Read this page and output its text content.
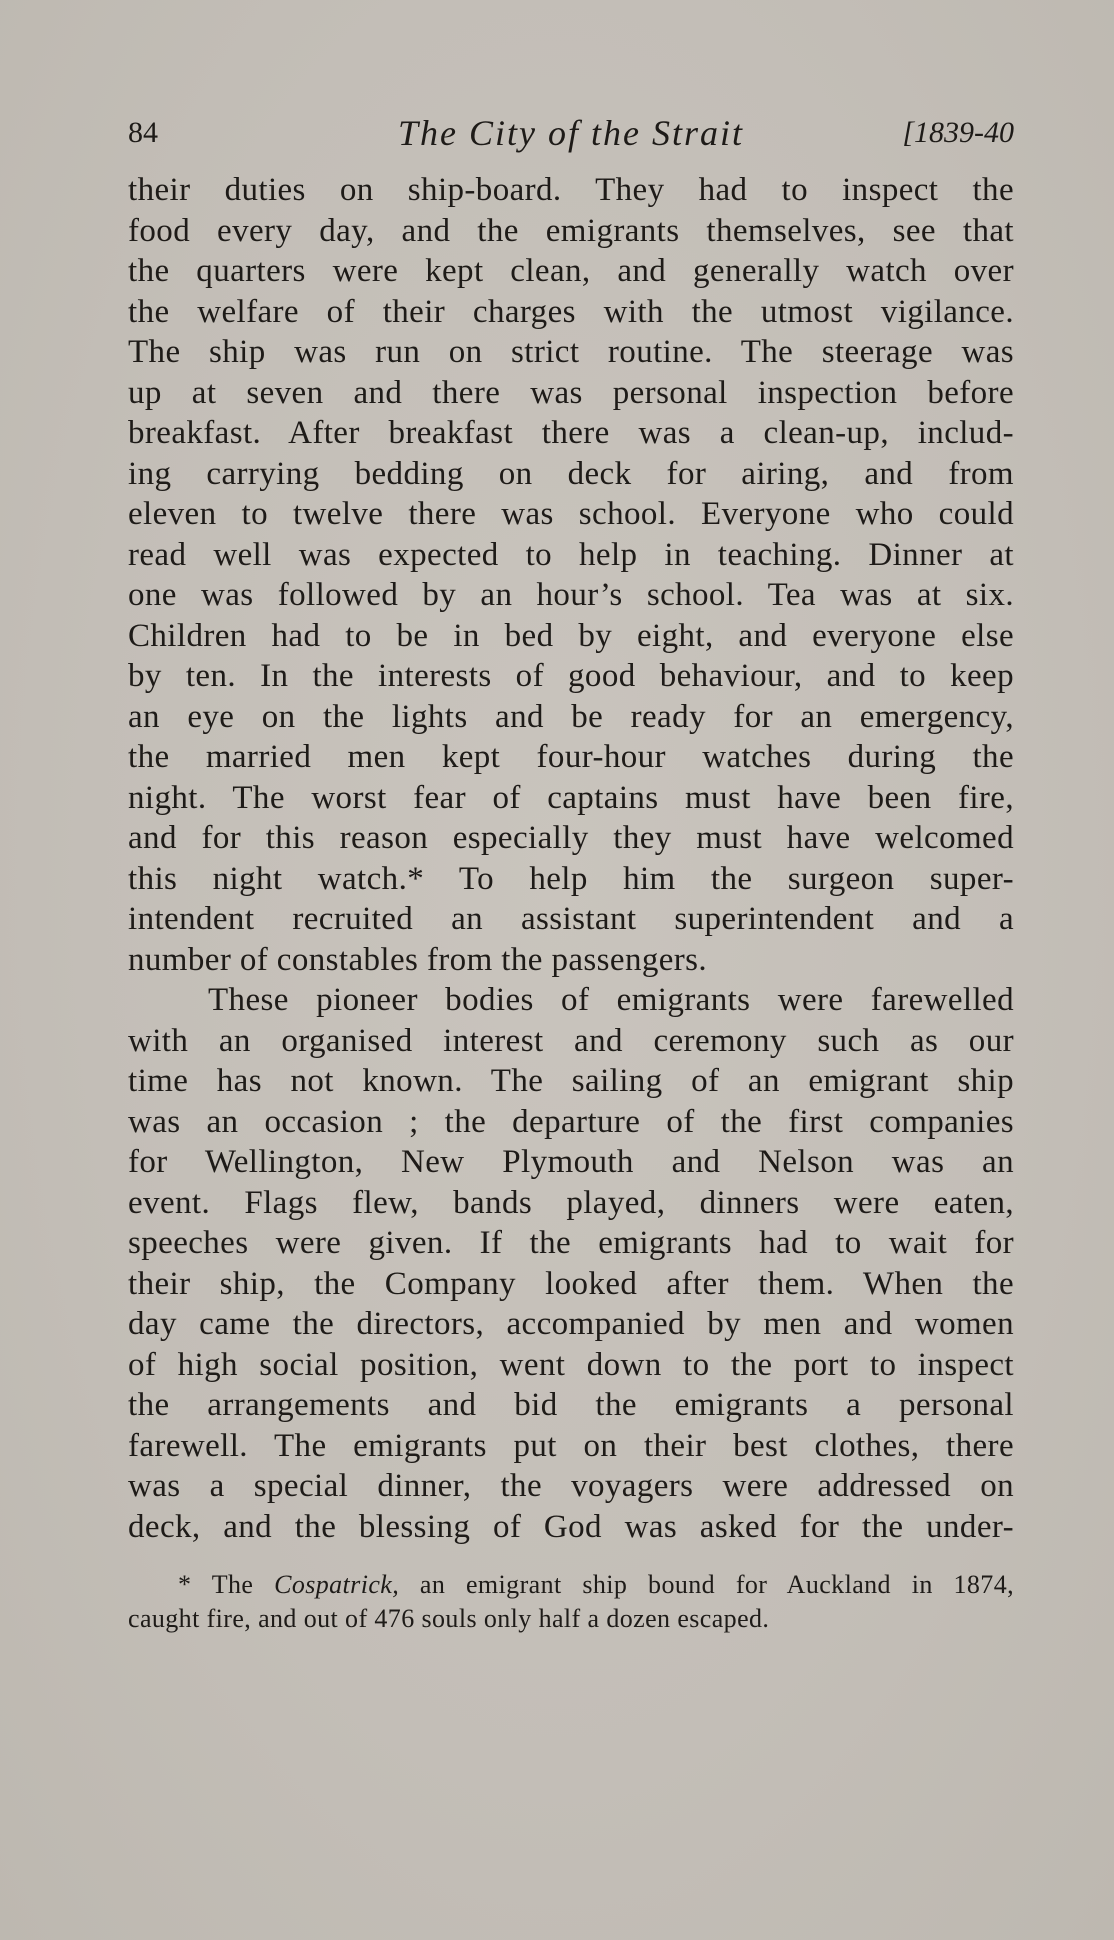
84	The City of the Strait	[1839-40
their duties on ship-board. They had to inspect the
food every day, and the emigrants themselves, see that
the quarters were kept clean, and generally watch over
the welfare of their charges with the utmost vigilance.
The ship was run on strict routine. The steerage was
up at seven and there was personal inspection before
breakfast. After breakfast there was a clean-up, includ-
ing carrying bedding on deck for airing, and from
eleven to twelve there was school. Everyone who could
read well was expected to help in teaching. Dinner at
one was followed by an hour’s school. Tea was at six.
Children had to be in bed by eight, and everyone else
by ten. In the interests of good behaviour, and to keep
an eye on the lights and be ready for an emergency,
the married men kept four-hour watches during the
night. The worst fear of captains must have been fire,
and for this reason especially they must have welcomed
this night watch.* To help him the surgeon super-
intendent recruited an assistant superintendent and a
number of constables from the passengers.
These pioneer bodies of emigrants were farewelled
with an organised interest and ceremony such as our
time has not known. The sailing of an emigrant ship
was an occasion ; the departure of the first companies
for Wellington, New Plymouth and Nelson was an
event. Flags flew, bands played, dinners were eaten,
speeches were given. If the emigrants had to wait for
their ship, the Company looked after them. When the
day came the directors, accompanied by men and women
of high social position, went down to the port to inspect
the arrangements and bid the emigrants a personal
farewell. The emigrants put on their best clothes, there
was a special dinner, the voyagers were addressed on
deck, and the blessing of God was asked for the under-
* The Cospatrick, an emigrant ship bound for Auckland in 1874,
caught fire, and out of 476 souls only half a dozen escaped.
